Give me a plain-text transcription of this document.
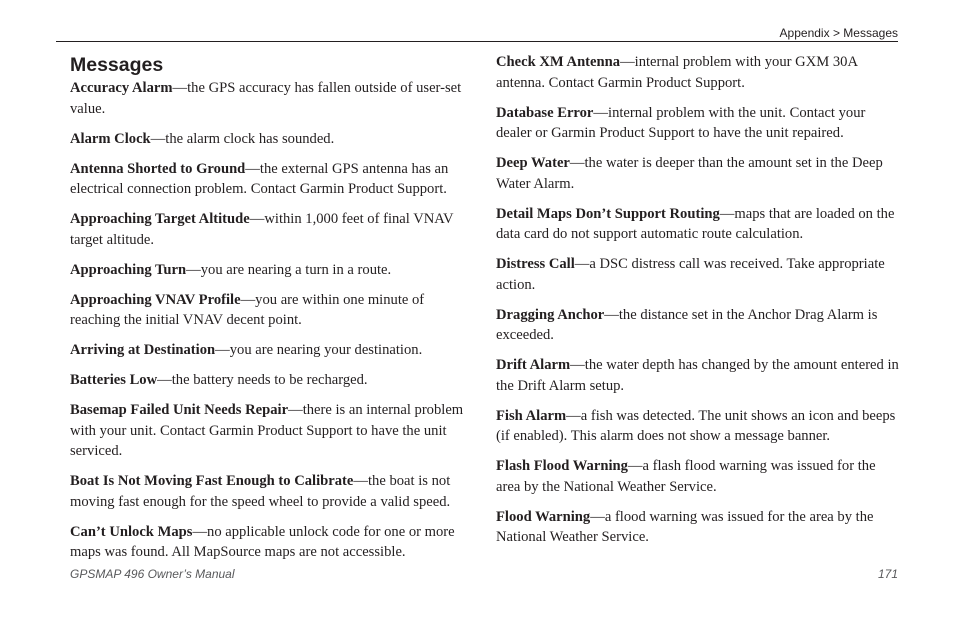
Appendix > Messages
Messages
Accuracy Alarm—the GPS accuracy has fallen outside of user-set value.
Alarm Clock—the alarm clock has sounded.
Antenna Shorted to Ground—the external GPS antenna has an electrical connection problem. Contact Garmin Product Support.
Approaching Target Altitude—within 1,000 feet of final VNAV target altitude.
Approaching Turn—you are nearing a turn in a route.
Approaching VNAV Profile—you are within one minute of reaching the initial VNAV decent point.
Arriving at Destination—you are nearing your destination.
Batteries Low—the battery needs to be recharged.
Basemap Failed Unit Needs Repair—there is an internal problem with your unit. Contact Garmin Product Support to have the unit serviced.
Boat Is Not Moving Fast Enough to Calibrate—the boat is not moving fast enough for the speed wheel to provide a valid speed.
Can’t Unlock Maps—no applicable unlock code for one or more maps was found. All MapSource maps are not accessible.
Check XM Antenna—internal problem with your GXM 30A antenna. Contact Garmin Product Support.
Database Error—internal problem with the unit. Contact your dealer or Garmin Product Support to have the unit repaired.
Deep Water—the water is deeper than the amount set in the Deep Water Alarm.
Detail Maps Don’t Support Routing—maps that are loaded on the data card do not support automatic route calculation.
Distress Call—a DSC distress call was received. Take appropriate action.
Dragging Anchor—the distance set in the Anchor Drag Alarm is exceeded.
Drift Alarm—the water depth has changed by the amount entered in the Drift Alarm setup.
Fish Alarm—a fish was detected. The unit shows an icon and beeps (if enabled). This alarm does not show a message banner.
Flash Flood Warning—a flash flood warning was issued for the area by the National Weather Service.
Flood Warning—a flood warning was issued for the area by the National Weather Service.
GPSMAP 496 Owner’s Manual	171
